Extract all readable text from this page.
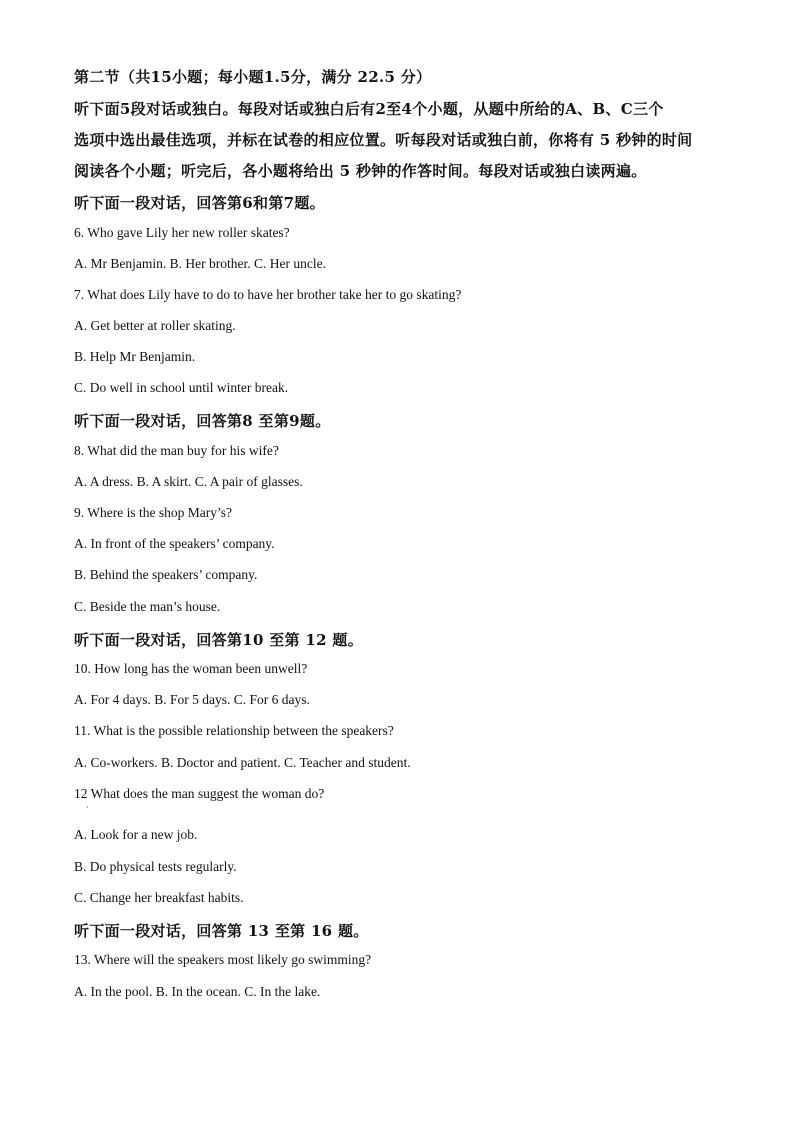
第二节（共15小题；每小题1.5分，满分 22.5 分）
听下面5段对话或独白。每段对话或独白后有2至4个小题，从题中所给的A、B、C三个
选项中选出最佳选项，并标在试卷的相应位置。听每段对话或独白前，你将有 5 秒钟的时间
阅读各个小题；听完后，各小题将给出 5 秒钟的作答时间。每段对话或独白读两遍。
听下面一段对话，回答第6和第7题。
6. Who gave Lily her new roller skates?
A. Mr Benjamin. B. Her brother. C. Her uncle.
7. What does Lily have to do to have her brother take her to go skating?
A. Get better at roller skating.
B. Help Mr Benjamin.
C. Do well in school until winter break.
听下面一段对话，回答第8 至第9题。
8. What did the man buy for his wife?
A. A dress. B. A skirt. C. A pair of glasses.
9. Where is the shop Mary’s?
A. In front of the speakers’ company.
B. Behind the speakers’ company.
C. Beside the man’s house.
听下面一段对话，回答第10 至第 12 题。
10. How long has the woman been unwell?
A. For 4 days. B. For 5 days. C. For 6 days.
11. What is the possible relationship between the speakers?
A. Co-workers. B. Doctor and patient. C. Teacher and student.
12 What does the man suggest the woman do?
·
A. Look for a new job.
B. Do physical tests regularly.
C. Change her breakfast habits.
听下面一段对话，回答第 13 至第 16 题。
13. Where will the speakers most likely go swimming?
A. In the pool. B. In the ocean. C. In the lake.
